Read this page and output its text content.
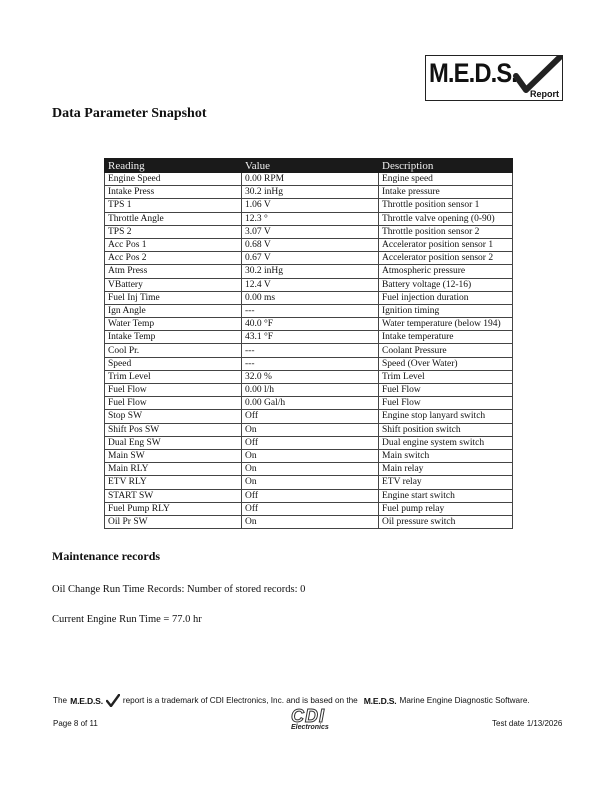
M.E.D.S.
Report
Data Parameter Snapshot
Reading	Value	Description
Engine Speed	0.00 RPM	Engine speed
Intake Press	30.2 inHg	Intake pressure
TPS 1	1.06 V	Throttle position sensor 1
Throttle Angle	12.3 °	Throttle valve opening (0-90)
TPS 2	3.07 V	Throttle position sensor 2
Acc Pos 1	0.68 V	Accelerator position sensor 1
Acc Pos 2	0.67 V	Accelerator position sensor 2
Atm Press	30.2 inHg	Atmospheric pressure
VBattery	12.4 V	Battery voltage (12-16)
Fuel Inj Time	0.00 ms	Fuel injection duration
Ign Angle	---	Ignition timing
Water Temp	40.0 °F	Water temperature (below 194)
Intake Temp	43.1 °F	Intake temperature
Cool Pr.	---	Coolant Pressure
Speed	---	Speed (Over Water)
Trim Level	32.0 %	Trim Level
Fuel Flow	0.00 l/h	Fuel Flow
Fuel Flow	0.00 Gal/h	Fuel Flow
Stop SW	Off	Engine stop lanyard switch
Shift Pos SW	On	Shift position switch
Dual Eng SW	Off	Dual engine system switch
Main SW	On	Main switch
Main RLY	On	Main relay
ETV RLY	On	ETV relay
START SW	Off	Engine start switch
Fuel Pump RLY	Off	Fuel pump relay
Oil Pr SW	On	Oil pressure switch
Maintenance records
Oil Change Run Time Records: Number of stored records: 0
Current Engine Run Time = 77.0 hr
The M.E.D.S. report is a trademark of CDI Electronics, Inc. and is based on the M.E.D.S. Marine Engine Diagnostic Software.
Page 8 of 11	CDI
Electronics	Test date 1/13/2026
